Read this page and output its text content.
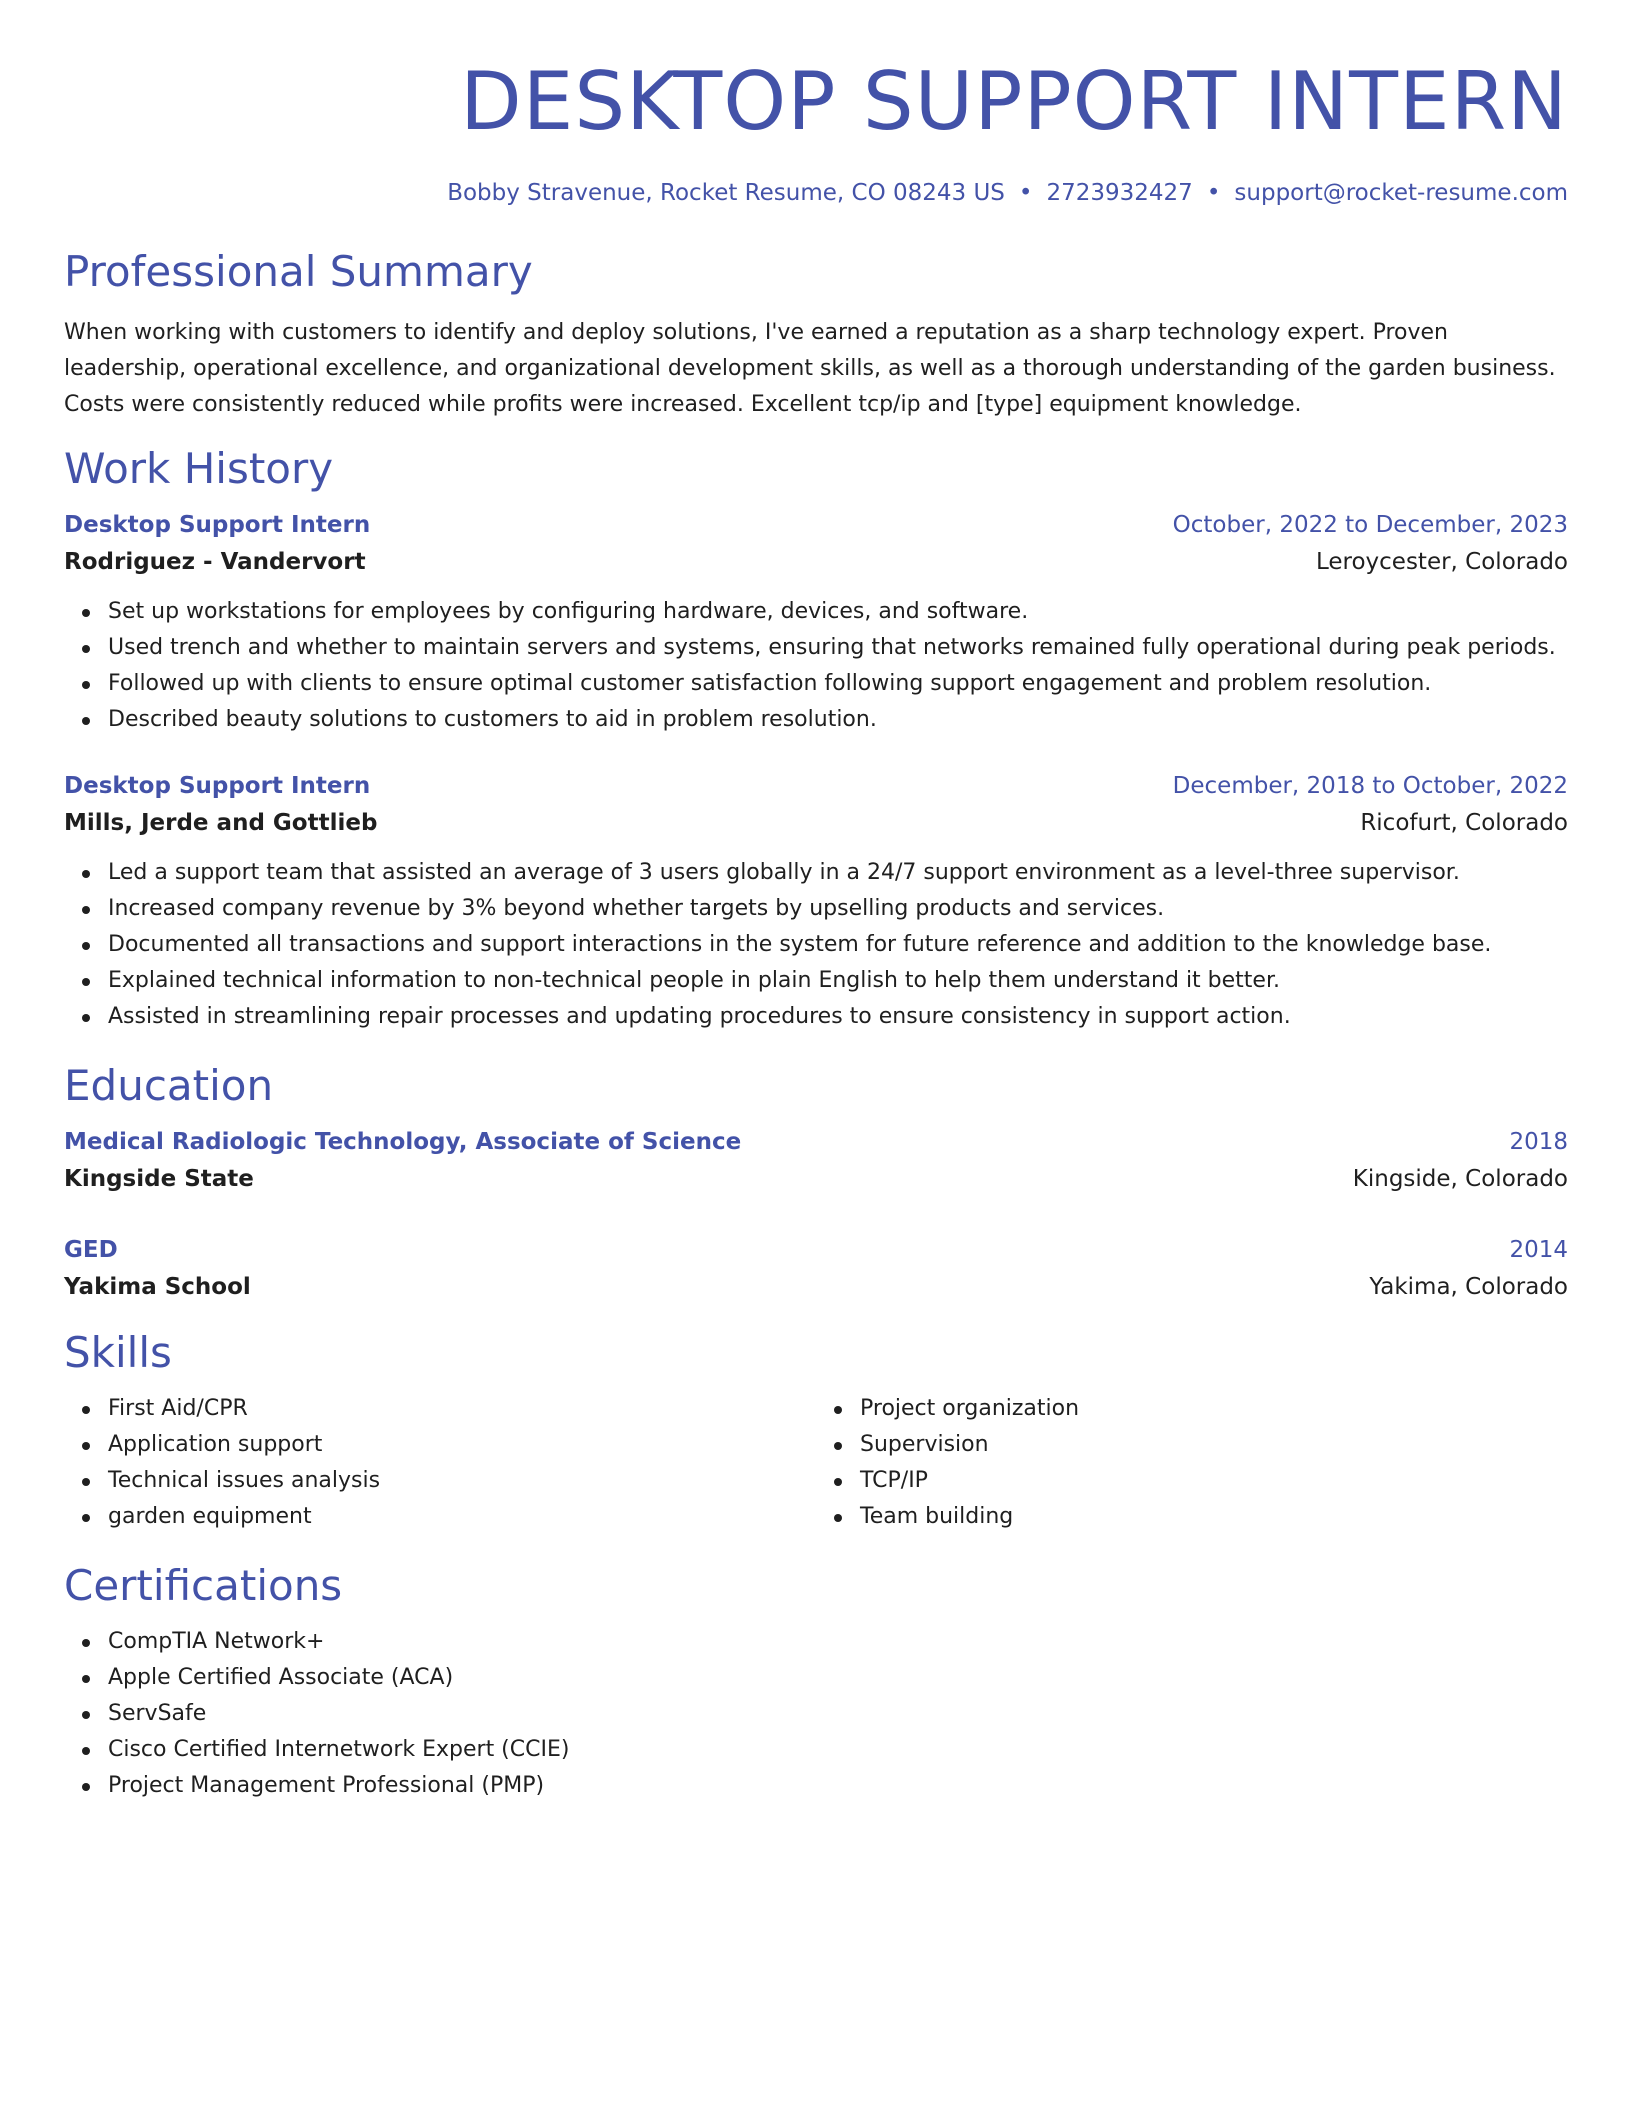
DESKTOP SUPPORT INTERN
Bobby Stravenue, Rocket Resume, CO 08243 US • 2723932427 • support@rocket-resume.com
Professional Summary

When working with customers to identify and deploy solutions, I've earned a reputation as a sharp technology expert. Proven leadership, operational excellence, and organizational development skills, as well as a thorough understanding of the garden business. Costs were consistently reduced while profits were increased. Excellent tcp/ip and [type] equipment knowledge.

Work History
Desktop Support Intern	October, 2022 to December, 2023
Rodriguez - Vandervort	Leroycester, Colorado
Set up workstations for employees by configuring hardware, devices, and software.
Used trench and whether to maintain servers and systems, ensuring that networks remained fully operational during peak periods.
Followed up with clients to ensure optimal customer satisfaction following support engagement and problem resolution.
Described beauty solutions to customers to aid in problem resolution.
Desktop Support Intern	December, 2018 to October, 2022
Mills, Jerde and Gottlieb	Ricofurt, Colorado
Led a support team that assisted an average of 3 users globally in a 24/7 support environment as a level-three supervisor.
Increased company revenue by 3% beyond whether targets by upselling products and services.
Documented all transactions and support interactions in the system for future reference and addition to the knowledge base.
Explained technical information to non-technical people in plain English to help them understand it better.
Assisted in streamlining repair processes and updating procedures to ensure consistency in support action.
Education
Medical Radiologic Technology, Associate of Science	2018
Kingside State	Kingside, Colorado
GED	2014
Yakima School	Yakima, Colorado
Skills
First Aid/CPR
Application support
Technical issues analysis
garden equipment
Project organization
Supervision
TCP/IP
Team building
Certifications
CompTIA Network+
Apple Certified Associate (ACA)
ServSafe
Cisco Certified Internetwork Expert (CCIE)
Project Management Professional (PMP)
